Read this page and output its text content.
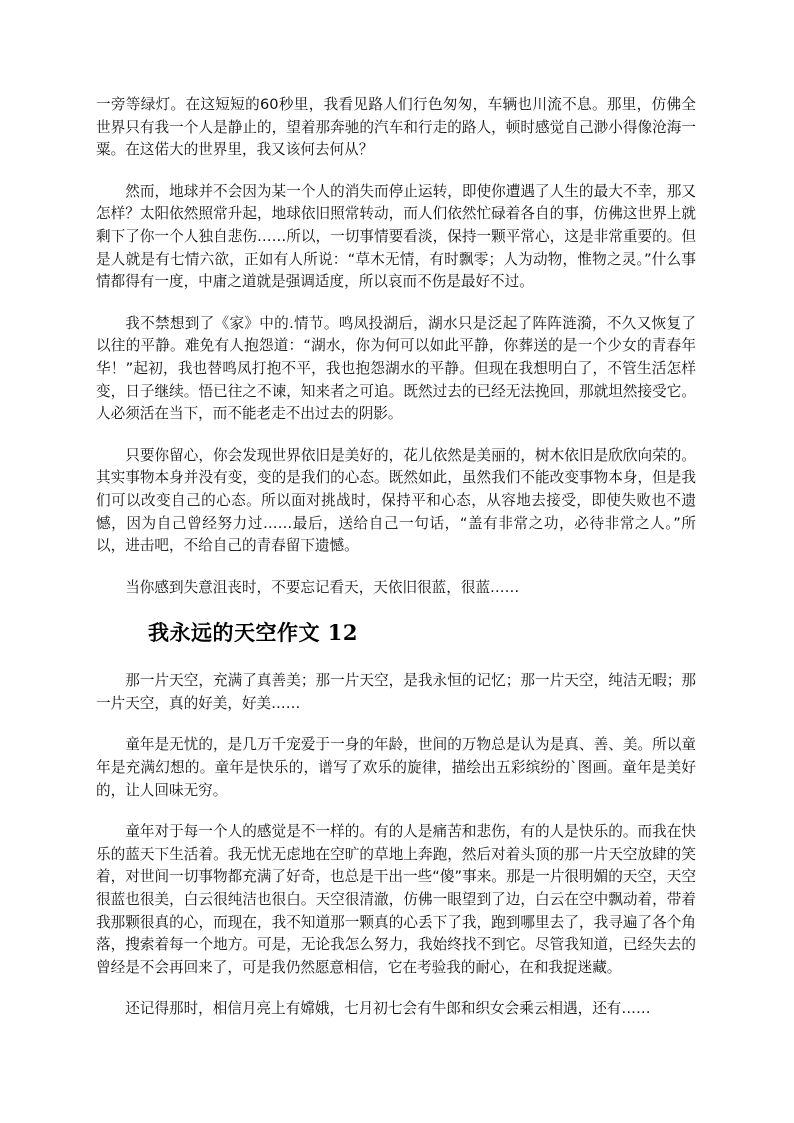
一旁等绿灯。在这短短的60秒里，我看见路人们行色匆匆，车辆也川流不息。那里，仿佛全世界只有我一个人是静止的，望着那奔驰的汽车和行走的路人，顿时感觉自己渺小得像沧海一粟。在这偌大的世界里，我又该何去何从？

然而，地球并不会因为某一个人的消失而停止运转，即使你遭遇了人生的最大不幸，那又怎样？太阳依然照常升起，地球依旧照常转动，而人们依然忙碌着各自的事，仿佛这世界上就剩下了你一个人独自悲伤……所以，一切事情要看淡，保持一颗平常心，这是非常重要的。但是人就是有七情六欲，正如有人所说：“草木无情，有时飘零；人为动物，惟物之灵。”什么事情都得有一度，中庸之道就是强调适度，所以哀而不伤是最好不过。

我不禁想到了《家》中的.情节。鸣凤投湖后，湖水只是泛起了阵阵涟漪，不久又恢复了以往的平静。难免有人抱怨道：“湖水，你为何可以如此平静，你葬送的是一个少女的青春年华！”起初，我也替鸣凤打抱不平，我也抱怨湖水的平静。但现在我想明白了，不管生活怎样变，日子继续。悟已往之不谏，知来者之可追。既然过去的已经无法挽回，那就坦然接受它。人必须活在当下，而不能老走不出过去的阴影。

只要你留心，你会发现世界依旧是美好的，花儿依然是美丽的，树木依旧是欣欣向荣的。其实事物本身并没有变，变的是我们的心态。既然如此，虽然我们不能改变事物本身，但是我们可以改变自己的心态。所以面对挑战时，保持平和心态，从容地去接受，即使失败也不遗憾，因为自己曾经努力过……最后，送给自己一句话，“盖有非常之功，必待非常之人。”所以，进击吧，不给自己的青春留下遗憾。

当你感到失意沮丧时，不要忘记看天，天依旧很蓝，很蓝……

我永远的天空作文 12

那一片天空，充满了真善美；那一片天空，是我永恒的记忆；那一片天空，纯洁无暇；那一片天空，真的好美，好美……

童年是无忧的，是几万千宠爱于一身的年龄，世间的万物总是认为是真、善、美。所以童年是充满幻想的。童年是快乐的，谱写了欢乐的旋律，描绘出五彩缤纷的`图画。童年是美好的，让人回味无穷。

童年对于每一个人的感觉是不一样的。有的人是痛苦和悲伤，有的人是快乐的。而我在快乐的蓝天下生活着。我无忧无虑地在空旷的草地上奔跑，然后对着头顶的那一片天空放肆的笑着，对世间一切事物都充满了好奇，也总是干出一些“傻”事来。那是一片很明媚的天空，天空很蓝也很美，白云很纯洁也很白。天空很清澈，仿佛一眼望到了边，白云在空中飘动着，带着我那颗很真的心，而现在，我不知道那一颗真的心丢下了我，跑到哪里去了，我寻遍了各个角落，搜索着每一个地方。可是，无论我怎么努力，我始终找不到它。尽管我知道，已经失去的曾经是不会再回来了，可是我仍然愿意相信，它在考验我的耐心，在和我捉迷藏。

还记得那时，相信月亮上有嫦娥，七月初七会有牛郎和织女会乘云相遇，还有……
